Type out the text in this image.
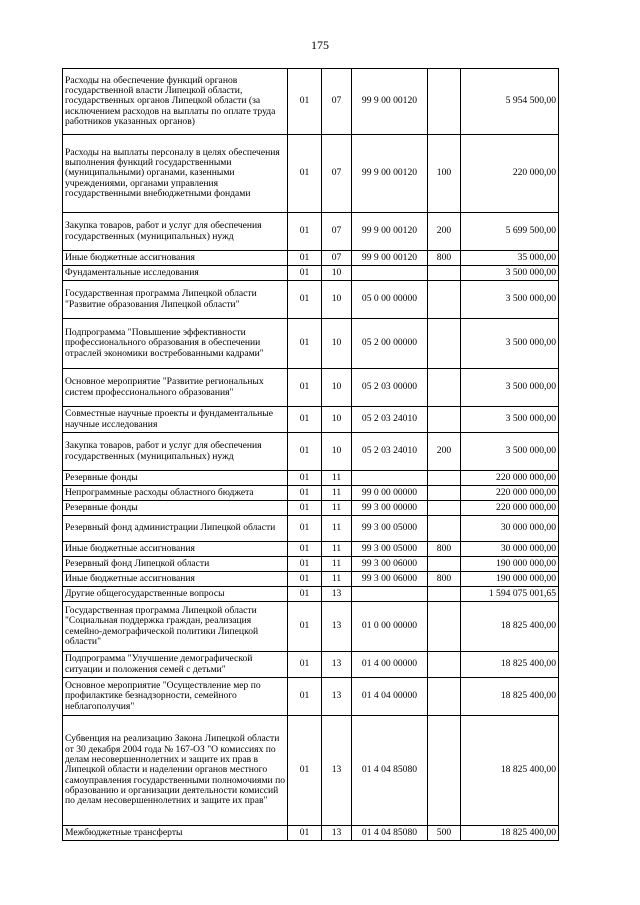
175
Расходы на обеспечение функций органов государственной власти Липецкой области, государственных органов Липецкой области (за исключением расходов на выплаты по оплате труда работников указанных органов)	01	07	99 9 00 00120		5 954 500,00
Расходы на выплаты персоналу в целях обеспечения выполнения функций государственными (муниципальными) органами, казенными учреждениями, органами управления государственными внебюджетными фондами	01	07	99 9 00 00120	100	220 000,00
Закупка товаров, работ и услуг для обеспечения государственных (муниципальных) нужд	01	07	99 9 00 00120	200	5 699 500,00
Иные бюджетные ассигнования	01	07	99 9 00 00120	800	35 000,00
Фундаментальные исследования	01	10			3 500 000,00
Государственная программа Липецкой области "Развитие образования Липецкой области"	01	10	05 0 00 00000		3 500 000,00
Подпрограмма "Повышение эффективности профессионального образования в обеспечении отраслей экономики востребованными кадрами"	01	10	05 2 00 00000		3 500 000,00
Основное мероприятие "Развитие региональных систем профессионального образования"	01	10	05 2 03 00000		3 500 000,00
Совместные научные проекты и фундаментальные научные исследования	01	10	05 2 03 24010		3 500 000,00
Закупка товаров, работ и услуг для обеспечения государственных (муниципальных) нужд	01	10	05 2 03 24010	200	3 500 000,00
Резервные фонды	01	11			220 000 000,00
Непрограммные расходы областного бюджета	01	11	99 0 00 00000		220 000 000,00
Резервные фонды	01	11	99 3 00 00000		220 000 000,00
Резервный фонд администрации Липецкой области	01	11	99 3 00 05000		30 000 000,00
Иные бюджетные ассигнования	01	11	99 3 00 05000	800	30 000 000,00
Резервный фонд Липецкой области	01	11	99 3 00 06000		190 000 000,00
Иные бюджетные ассигнования	01	11	99 3 00 06000	800	190 000 000,00
Другие общегосударственные вопросы	01	13			1 594 075 001,65
Государственная программа Липецкой области "Социальная поддержка граждан, реализация семейно-демографической политики Липецкой области"	01	13	01 0 00 00000		18 825 400,00
Подпрограмма "Улучшение демографической ситуации и положения семей с детьми"	01	13	01 4 00 00000		18 825 400,00
Основное мероприятие "Осуществление мер по профилактике безнадзорности, семейного неблагополучия"	01	13	01 4 04 00000		18 825 400,00
Субвенция на реализацию Закона Липецкой области от 30 декабря 2004 года № 167-ОЗ "О комиссиях по делам несовершеннолетних и защите их прав в Липецкой области и наделении органов местного самоуправления государственными полномочиями по образованию и организации деятельности комиссий по делам несовершеннолетних и защите их прав"	01	13	01 4 04 85080		18 825 400,00
Межбюджетные трансферты	01	13	01 4 04 85080	500	18 825 400,00
